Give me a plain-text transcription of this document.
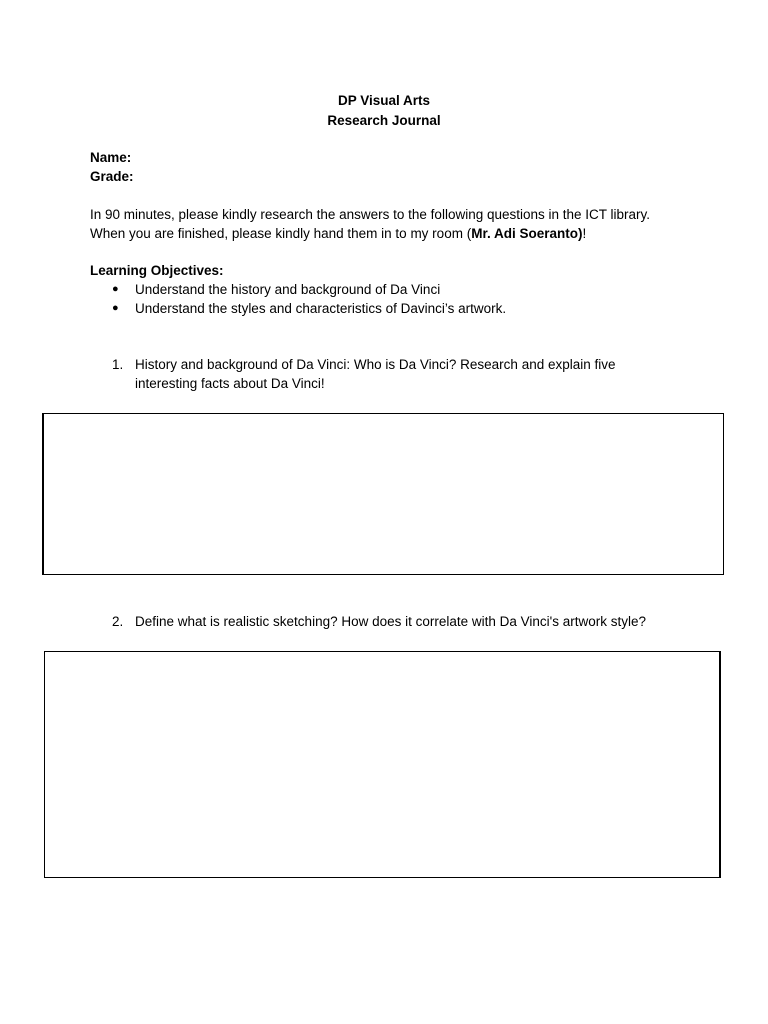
DP Visual Arts
Research Journal
Name:
Grade:
In 90 minutes, please kindly research the answers to the following questions in the ICT library.
When you are finished, please kindly hand them in to my room (Mr. Adi Soeranto)!
Learning Objectives:
● Understand the history and background of Da Vinci
● Understand the styles and characteristics of Davinci’s artwork.
1. History and background of Da Vinci: Who is Da Vinci? Research and explain five interesting facts about Da Vinci!
2. Define what is realistic sketching? How does it correlate with Da Vinci's artwork style?
